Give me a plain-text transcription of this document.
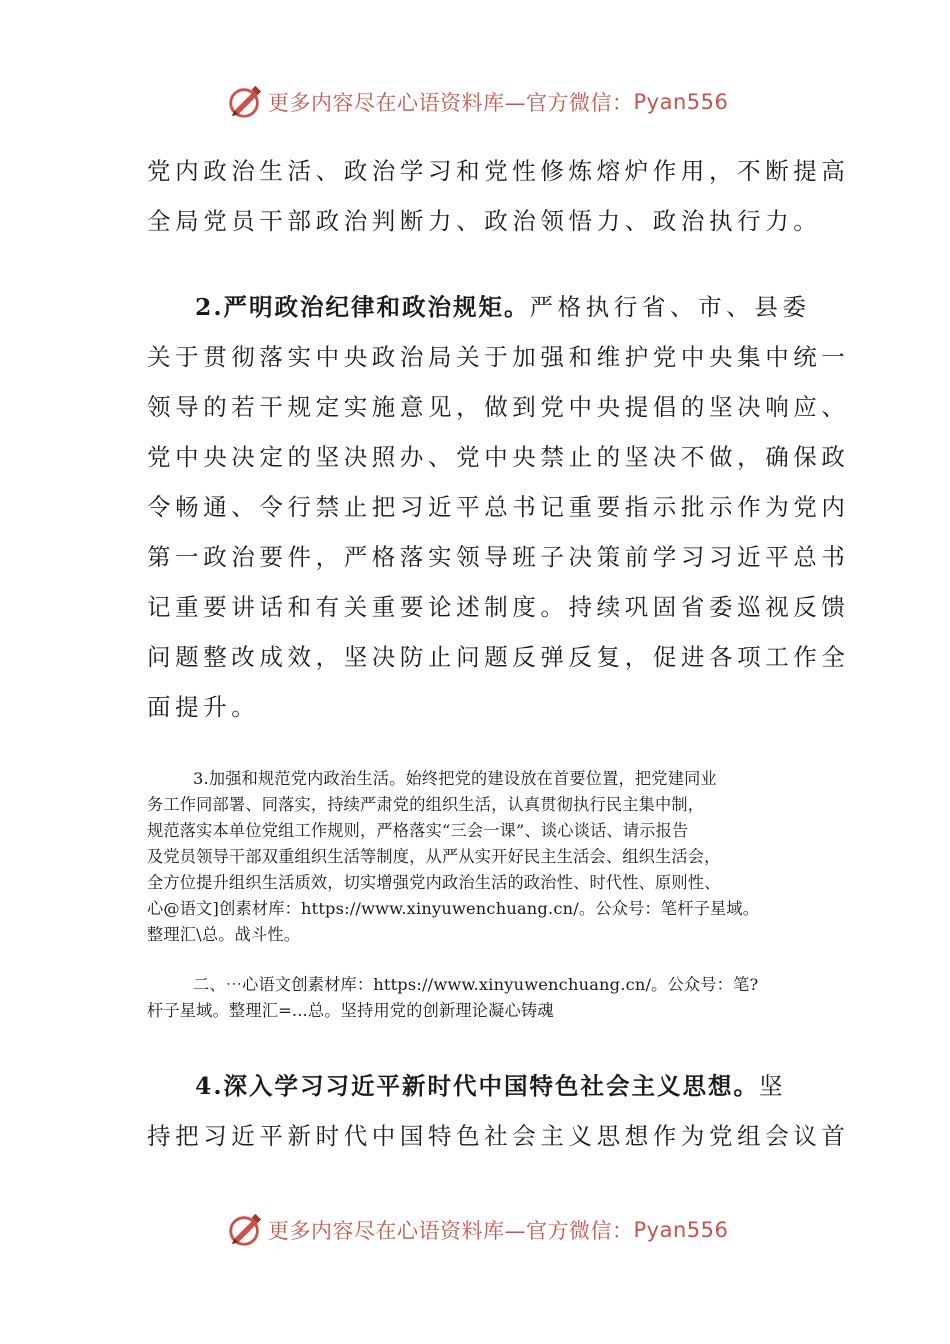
更多内容尽在心语资料库—官方微信： Pyan556

党内政治生活、政治学习和党性修炼熔炉作用，不断提高
全局党员干部政治判断力、政治领悟力、政治执行力。

2.严明政治纪律和政治规矩。严格执行省、市、县委
关于贯彻落实中央政治局关于加强和维护党中央集中统一
领导的若干规定实施意见，做到党中央提倡的坚决响应、
党中央决定的坚决照办、党中央禁止的坚决不做，确保政
令畅通、令行禁止把习近平总书记重要指示批示作为党内
第一政治要件，严格落实领导班子决策前学习习近平总书
记重要讲话和有关重要论述制度。持续巩固省委巡视反馈
问题整改成效，坚决防止问题反弹反复，促进各项工作全
面提升。

3.加强和规范党内政治生活。始终把党的建设放在首要位置，把党建同业
务工作同部署、同落实，持续严肃党的组织生活，认真贯彻执行民主集中制，
规范落实本单位党组工作规则，严格落实“三会一课”、谈心谈话、请示报告
及党员领导干部双重组织生活等制度，从严从实开好民主生活会、组织生活会，
全方位提升组织生活质效，切实增强党内政治生活的政治性、时代性、原则性、
心@语文]创素材库：https://www.xinyuwenchuang.cn/。公众号：笔杆子星域。
整理汇\总。战斗性。

二、⋯心语文创素材库：https://www.xinyuwenchuang.cn/。公众号：笔?
杆子星域。整理汇=...总。坚持用党的创新理论凝心铸魂

4.深入学习习近平新时代中国特色社会主义思想。坚
持把习近平新时代中国特色社会主义思想作为党组会议首

更多内容尽在心语资料库—官方微信： Pyan556
